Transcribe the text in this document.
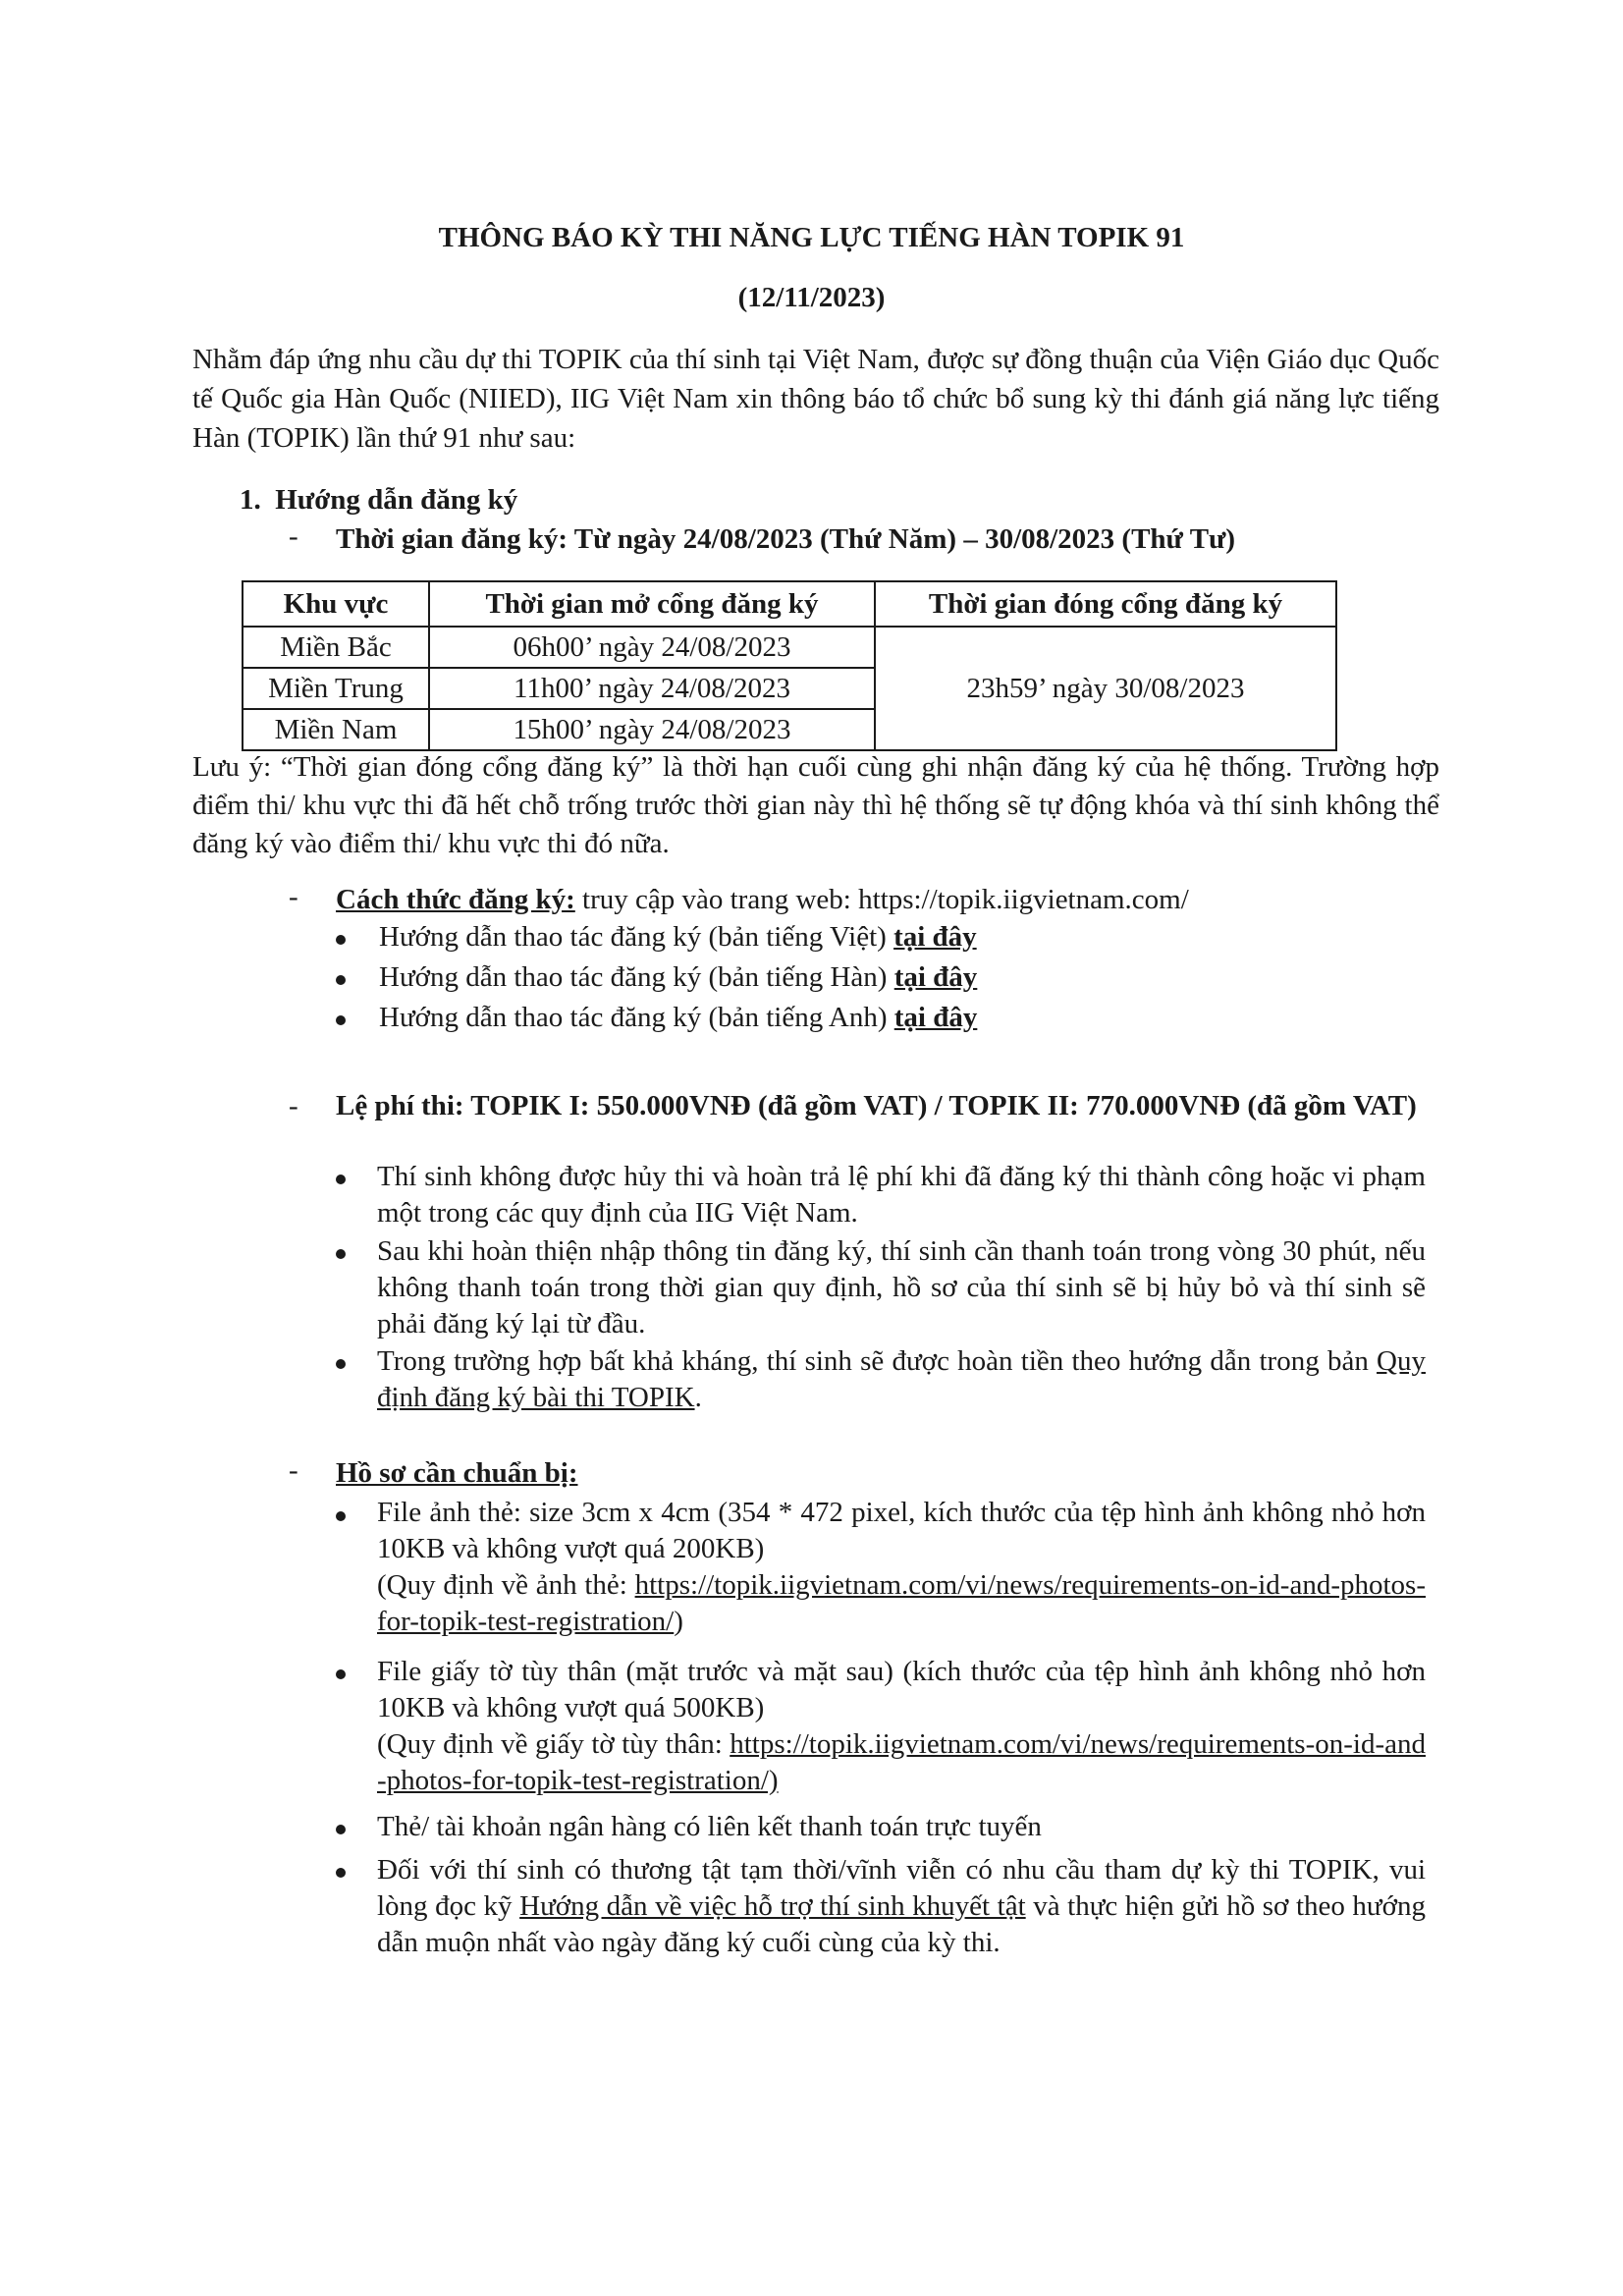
THÔNG BÁO KỲ THI NĂNG LỰC TIẾNG HÀN TOPIK 91
(12/11/2023)
Nhằm đáp ứng nhu cầu dự thi TOPIK của thí sinh tại Việt Nam, được sự đồng thuận của Viện Giáo dục Quốc tế Quốc gia Hàn Quốc (NIIED), IIG Việt Nam xin thông báo tổ chức bổ sung kỳ thi đánh giá năng lực tiếng Hàn (TOPIK) lần thứ 91 như sau:
1. Hướng dẫn đăng ký
- Thời gian đăng ký: Từ ngày 24/08/2023 (Thứ Năm) – 30/08/2023 (Thứ Tư)
Khu vực	Thời gian mở cổng đăng ký	Thời gian đóng cổng đăng ký
Miền Bắc	06h00’ ngày 24/08/2023	23h59’ ngày 30/08/2023
Miền Trung	11h00’ ngày 24/08/2023	
Miền Nam	15h00’ ngày 24/08/2023	
Lưu ý: “Thời gian đóng cổng đăng ký” là thời hạn cuối cùng ghi nhận đăng ký của hệ thống. Trường hợp điểm thi/ khu vực thi đã hết chỗ trống trước thời gian này thì hệ thống sẽ tự động khóa và thí sinh không thể đăng ký vào điểm thi/ khu vực thi đó nữa.
- Cách thức đăng ký: truy cập vào trang web: https://topik.iigvietnam.com/
Hướng dẫn thao tác đăng ký (bản tiếng Việt) tại đây
Hướng dẫn thao tác đăng ký (bản tiếng Hàn) tại đây
Hướng dẫn thao tác đăng ký (bản tiếng Anh) tại đây
- Lệ phí thi: TOPIK I: 550.000VNĐ (đã gồm VAT) / TOPIK II: 770.000VNĐ (đã gồm VAT)
Thí sinh không được hủy thi và hoàn trả lệ phí khi đã đăng ký thi thành công hoặc vi phạm một trong các quy định của IIG Việt Nam.
Sau khi hoàn thiện nhập thông tin đăng ký, thí sinh cần thanh toán trong vòng 30 phút, nếu không thanh toán trong thời gian quy định, hồ sơ của thí sinh sẽ bị hủy bỏ và thí sinh sẽ phải đăng ký lại từ đầu.
Trong trường hợp bất khả kháng, thí sinh sẽ được hoàn tiền theo hướng dẫn trong bản Quy định đăng ký bài thi TOPIK.
- Hồ sơ cần chuẩn bị:
File ảnh thẻ: size 3cm x 4cm (354 * 472 pixel, kích thước của tệp hình ảnh không nhỏ hơn 10KB và không vượt quá 200KB)
(Quy định về ảnh thẻ: https://topik.iigvietnam.com/vi/news/requirements-on-id-and-photos-for-topik-test-registration/)
File giấy tờ tùy thân (mặt trước và mặt sau) (kích thước của tệp hình ảnh không nhỏ hơn 10KB và không vượt quá 500KB)
(Quy định về giấy tờ tùy thân: https://topik.iigvietnam.com/vi/news/requirements-on-id-and-photos-for-topik-test-registration/)
Thẻ/ tài khoản ngân hàng có liên kết thanh toán trực tuyến
Đối với thí sinh có thương tật tạm thời/vĩnh viễn có nhu cầu tham dự kỳ thi TOPIK, vui lòng đọc kỹ Hướng dẫn về việc hỗ trợ thí sinh khuyết tật và thực hiện gửi hồ sơ theo hướng dẫn muộn nhất vào ngày đăng ký cuối cùng của kỳ thi.
